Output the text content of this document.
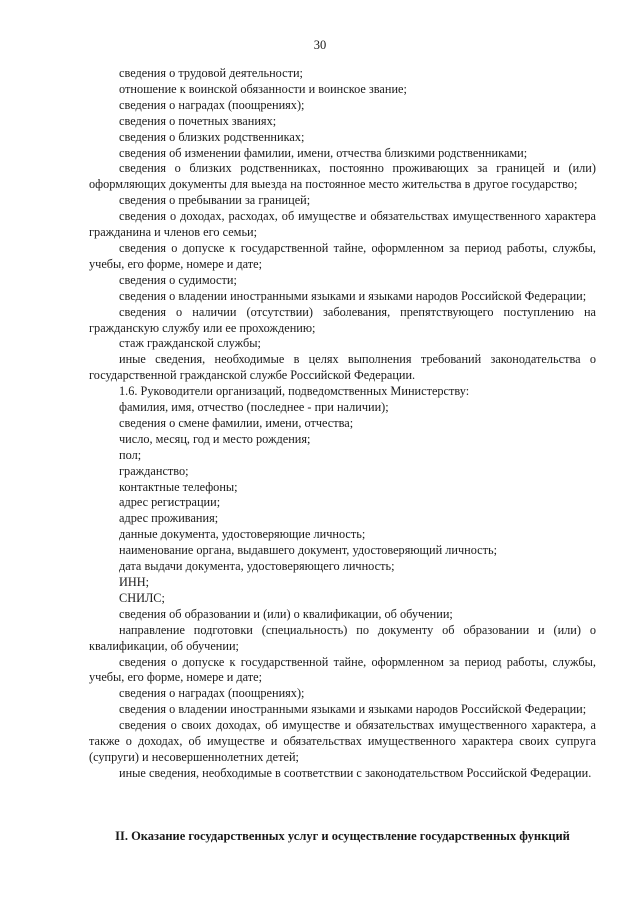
30

сведения о трудовой деятельности;

отношение к воинской обязанности и воинское звание;

сведения о наградах (поощрениях);

сведения о почетных званиях;

сведения о близких родственниках;

сведения об изменении фамилии, имени, отчества близкими родственниками;

сведения о близких родственниках, постоянно проживающих за границей и (или) оформляющих документы для выезда на постоянное место жительства в другое государство;

сведения о пребывании за границей;

сведения о доходах, расходах, об имуществе и обязательствах имущественного характера гражданина и членов его семьи;

сведения о допуске к государственной тайне, оформленном за период работы, службы, учебы, его форме, номере и дате;

сведения о судимости;

сведения о владении иностранными языками и языками народов Российской Федерации;

сведения о наличии (отсутствии) заболевания, препятствующего поступлению на гражданскую службу или ее прохождению;

стаж гражданской службы;

иные сведения, необходимые в целях выполнения требований законодательства о государственной гражданской службе Российской Федерации.

1.6. Руководители организаций, подведомственных Министерству:

фамилия, имя, отчество (последнее - при наличии);

сведения о смене фамилии, имени, отчества;

число, месяц, год и место рождения;

пол;

гражданство;

контактные телефоны;

адрес регистрации;

адрес проживания;

данные документа, удостоверяющие личность;

наименование органа, выдавшего документ, удостоверяющий личность;

дата выдачи документа, удостоверяющего личность;

ИНН;

СНИЛС;

сведения об образовании и (или) о квалификации, об обучении;

направление подготовки (специальность) по документу об образовании и (или) о квалификации, об обучении;

сведения о допуске к государственной тайне, оформленном за период работы, службы, учебы, его форме, номере и дате;

сведения о наградах (поощрениях);

сведения о владении иностранными языками и языками народов Российской Федерации;

сведения о своих доходах, об имуществе и обязательствах имущественного характера, а также о доходах, об имуществе и обязательствах имущественного характера своих супруга (супруги) и несовершеннолетних детей;

иные сведения, необходимые в соответствии с законодательством Российской Федерации.

II. Оказание государственных услуг и осуществление государственных функций
